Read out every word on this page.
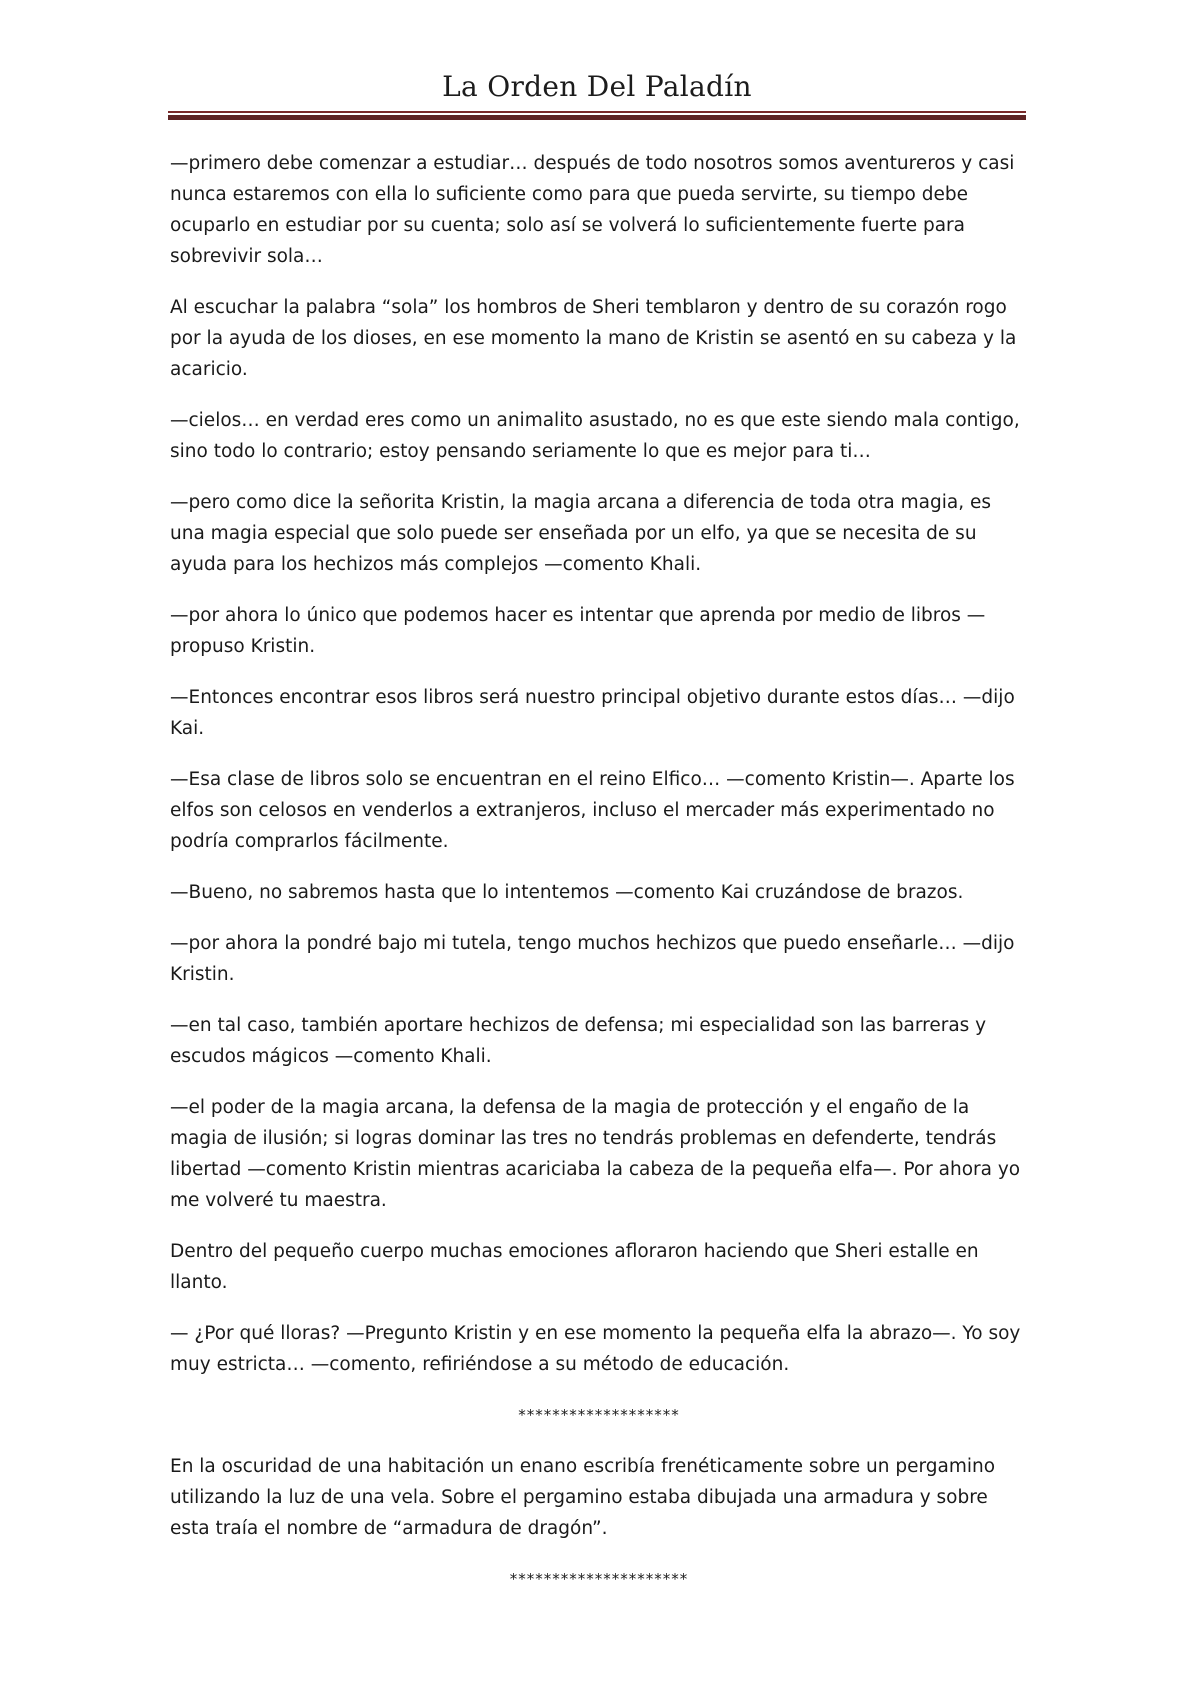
La Orden Del Paladín

—primero debe comenzar a estudiar… después de todo nosotros somos aventureros y casi nunca estaremos con ella lo suficiente como para que pueda servirte, su tiempo debe ocuparlo en estudiar por su cuenta; solo así se volverá lo suficientemente fuerte para sobrevivir sola…

Al escuchar la palabra “sola” los hombros de Sheri temblaron y dentro de su corazón rogo por la ayuda de los dioses, en ese momento la mano de Kristin se asentó en su cabeza y la acaricio.

—cielos… en verdad eres como un animalito asustado, no es que este siendo mala contigo, sino todo lo contrario; estoy pensando seriamente lo que es mejor para ti…

—pero como dice la señorita Kristin, la magia arcana a diferencia de toda otra magia, es una magia especial que solo puede ser enseñada por un elfo, ya que se necesita de su ayuda para los hechizos más complejos —comento Khali.

—por ahora lo único que podemos hacer es intentar que aprenda por medio de libros —propuso Kristin.

—Entonces encontrar esos libros será nuestro principal objetivo durante estos días… —dijo Kai.

—Esa clase de libros solo se encuentran en el reino Elfico… —comento Kristin—. Aparte los elfos son celosos en venderlos a extranjeros, incluso el mercader más experimentado no podría comprarlos fácilmente.

—Bueno, no sabremos hasta que lo intentemos —comento Kai cruzándose de brazos.

—por ahora la pondré bajo mi tutela, tengo muchos hechizos que puedo enseñarle… —dijo Kristin.

—en tal caso, también aportare hechizos de defensa; mi especialidad son las barreras y escudos mágicos —comento Khali.

—el poder de la magia arcana, la defensa de la magia de protección y el engaño de la magia de ilusión; si logras dominar las tres no tendrás problemas en defenderte, tendrás libertad —comento Kristin mientras acariciaba la cabeza de la pequeña elfa—. Por ahora yo me volveré tu maestra.

Dentro del pequeño cuerpo muchas emociones afloraron haciendo que Sheri estalle en llanto.

— ¿Por qué lloras? —Pregunto Kristin y en ese momento la pequeña elfa la abrazo—. Yo soy muy estricta… —comento, refiriéndose a su método de educación.

*******************

En la oscuridad de una habitación un enano escribía frenéticamente sobre un pergamino utilizando la luz de una vela. Sobre el pergamino estaba dibujada una armadura y sobre esta traía el nombre de “armadura de dragón”.

*********************
